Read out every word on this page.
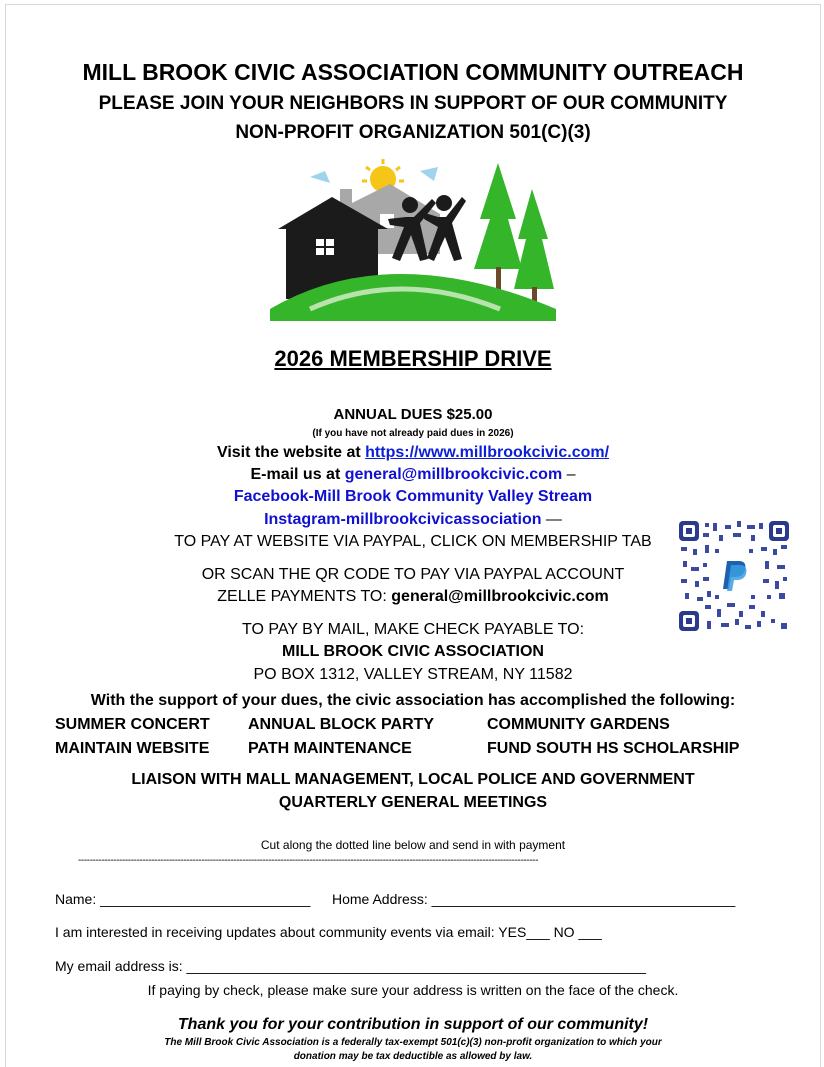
MILL BROOK CIVIC ASSOCIATION COMMUNITY OUTREACH
PLEASE JOIN YOUR NEIGHBORS IN SUPPORT OF OUR COMMUNITY
NON-PROFIT ORGANIZATION 501(C)(3)
2026 MEMBERSHIP DRIVE
ANNUAL DUES $25.00
(If you have not already paid dues in 2026)
Visit the website at https://www.millbrookcivic.com/
E-mail us at general@millbrookcivic.com –
Facebook-Mill Brook Community Valley Stream
Instagram-millbrookcivicassociation —
TO PAY AT WEBSITE VIA PAYPAL, CLICK ON MEMBERSHIP TAB
OR SCAN THE QR CODE TO PAY VIA PAYPAL ACCOUNT
ZELLE PAYMENTS TO: general@millbrookcivic.com
TO PAY BY MAIL, MAKE CHECK PAYABLE TO:
MILL BROOK CIVIC ASSOCIATION
PO BOX 1312, VALLEY STREAM, NY 11582
With the support of your dues, the civic association has accomplished the following:
SUMMER CONCERT ANNUAL BLOCK PARTY	COMMUNITY GARDENS
MAINTAIN WEBSITE PATH MAINTENANCE	FUND SOUTH HS SCHOLARSHIP
LIAISON WITH MALL MANAGEMENT, LOCAL POLICE AND GOVERNMENT
QUARTERLY GENERAL MEETINGS
Cut along the dotted line below and send in with payment
-------------------------------------------------------------------------------------------------------------------------------------------------------------
Name: ___________________________ Home Address: _______________________________________
I am interested in receiving updates about community events via email: YES___ NO ___
My email address is: ___________________________________________________________
If paying by check, please make sure your address is written on the face of the check.
Thank you for your contribution in support of our community!
The Mill Brook Civic Association is a federally tax-exempt 501(c)(3) non-profit organization to which your
donation may be tax deductible as allowed by law.
